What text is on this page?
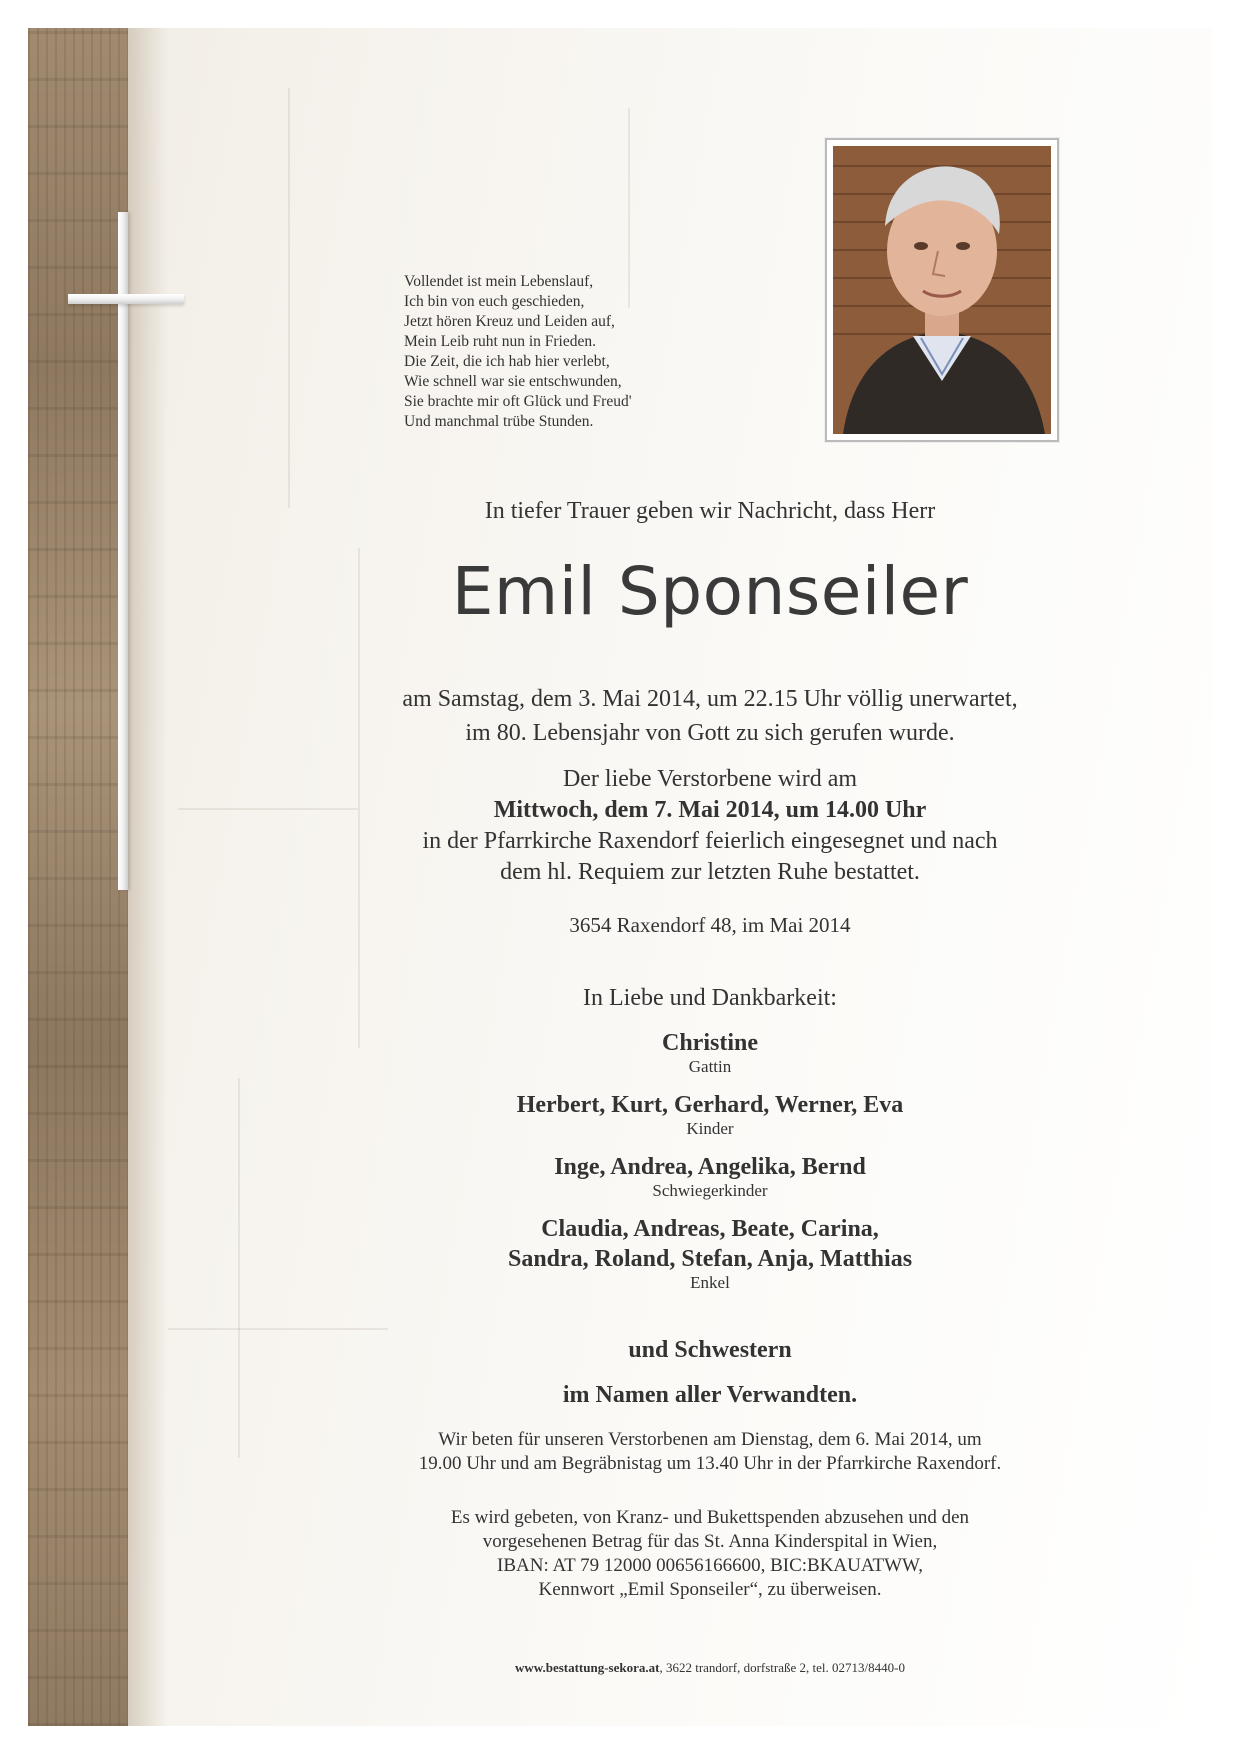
Vollendet ist mein Lebenslauf,
Ich bin von euch geschieden,
Jetzt hören Kreuz und Leiden auf,
Mein Leib ruht nun in Frieden.
Die Zeit, die ich hab hier verlebt,
Wie schnell war sie entschwunden,
Sie brachte mir oft Glück und Freud'
Und manchmal trübe Stunden.
In tiefer Trauer geben wir Nachricht, dass Herr
Emil Sponseiler
am Samstag, dem 3. Mai 2014, um 22.15 Uhr völlig unerwartet,
im 80. Lebensjahr von Gott zu sich gerufen wurde.
Der liebe Verstorbene wird am
Mittwoch, dem 7. Mai 2014, um 14.00 Uhr
in der Pfarrkirche Raxendorf feierlich eingesegnet und nach
dem hl. Requiem zur letzten Ruhe bestattet.
3654 Raxendorf 48, im Mai 2014
In Liebe und Dankbarkeit:
Christine
Gattin
Herbert, Kurt, Gerhard, Werner, Eva
Kinder
Inge, Andrea, Angelika, Bernd
Schwiegerkinder
Claudia, Andreas, Beate, Carina,
Sandra, Roland, Stefan, Anja, Matthias
Enkel
und Schwestern
im Namen aller Verwandten.
Wir beten für unseren Verstorbenen am Dienstag, dem 6. Mai 2014, um
19.00 Uhr und am Begräbnistag um 13.40 Uhr in der Pfarrkirche Raxendorf.
Es wird gebeten, von Kranz- und Bukettspenden abzusehen und den
vorgesehenen Betrag für das St. Anna Kinderspital in Wien,
IBAN: AT 79 12000 00656166600, BIC:BKAUATWW,
Kennwort „Emil Sponseiler“, zu überweisen.
www.bestattung-sekora.at, 3622 trandorf, dorfstraße 2, tel. 02713/8440-0
